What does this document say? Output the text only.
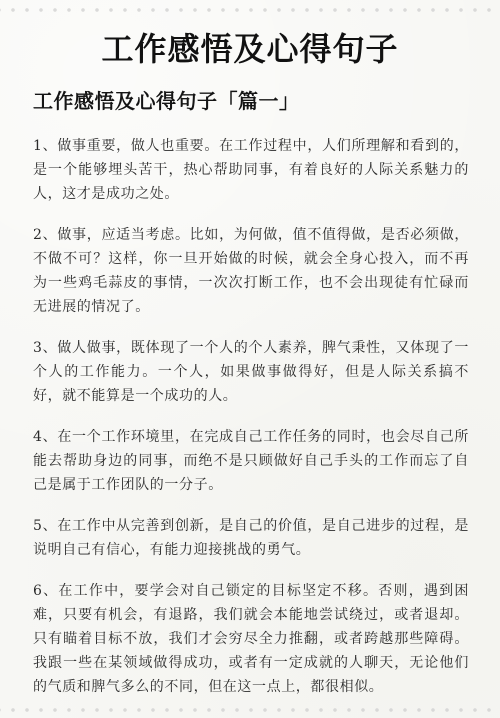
工作感悟及心得句子
工作感悟及心得句子「篇一」

1、做事重要，做人也重要。在工作过程中，人们所理解和看到的，是一个能够埋头苦干，热心帮助同事，有着良好的人际关系魅力的人，这才是成功之处。

2、做事，应适当考虑。比如，为何做，值不值得做，是否必须做，不做不可？这样，你一旦开始做的时候，就会全身心投入，而不再为一些鸡毛蒜皮的事情，一次次打断工作，也不会出现徒有忙碌而无进展的情况了。

3、做人做事，既体现了一个人的个人素养，脾气秉性，又体现了一个人的工作能力。一个人，如果做事做得好，但是人际关系搞不好，就不能算是一个成功的人。

4、在一个工作环境里，在完成自己工作任务的同时，也会尽自己所能去帮助身边的同事，而绝不是只顾做好自己手头的工作而忘了自己是属于工作团队的一分子。

5、在工作中从完善到创新，是自己的价值，是自己进步的过程，是说明自己有信心，有能力迎接挑战的勇气。

6、在工作中，要学会对自己锁定的目标坚定不移。否则，遇到困难，只要有机会，有退路，我们就会本能地尝试绕过，或者退却。只有瞄着目标不放，我们才会穷尽全力推翻，或者跨越那些障碍。我跟一些在某领域做得成功，或者有一定成就的人聊天，无论他们的气质和脾气多么的不同，但在这一点上，都很相似。
